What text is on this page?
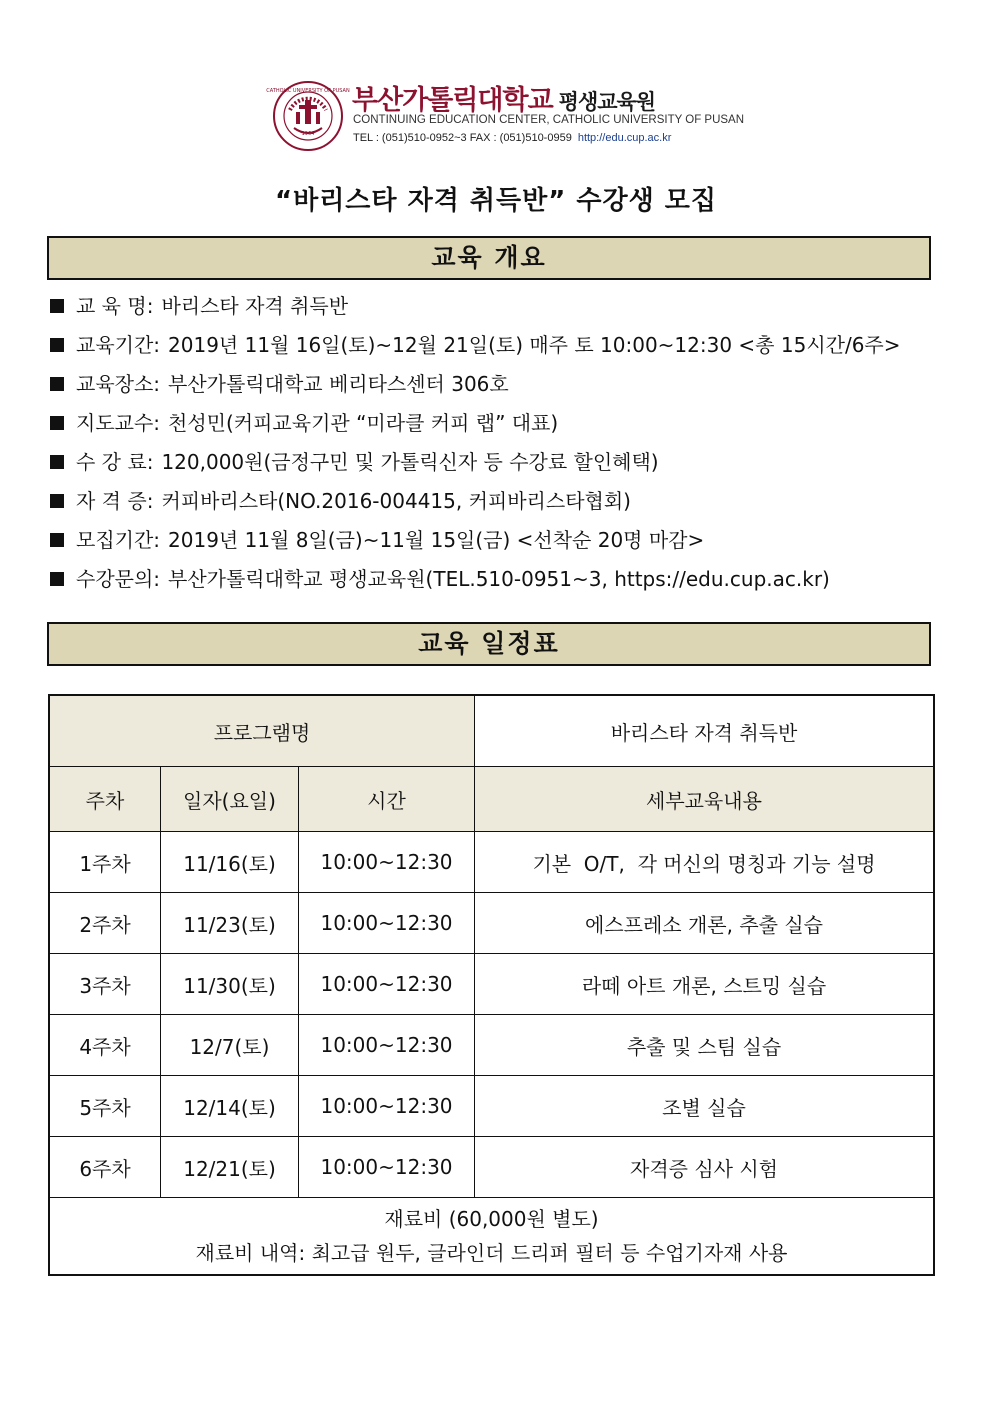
1964
CATHOLIC UNIVERSITY OF PUSAN 부산가톨릭대학교 평생교육원
CONTINUING EDUCATION CENTER, CATHOLIC UNIVERSITY OF PUSAN
TEL : (051)510-0952~3 FAX : (051)510-0959 http://edu.cup.ac.kr
“바리스타 자격 취득반” 수강생 모집
교육 개요
교 육 명: 바리스타 자격 취득반
교육기간: 2019년 11월 16일(토)~12월 21일(토) 매주 토 10:00~12:30 <총 15시간/6주>
교육장소: 부산가톨릭대학교 베리타스센터 306호
지도교수: 천성민(커피교육기관 “미라클 커피 랩” 대표)
수 강 료: 120,000원(금정구민 및 가톨릭신자 등 수강료 할인혜택)
자 격 증: 커피바리스타(NO.2016-004415, 커피바리스타협회)
모집기간: 2019년 11월 8일(금)~11월 15일(금) <선착순 20명 마감>
수강문의: 부산가톨릭대학교 평생교육원(TEL.510-0951~3, https://edu.cup.ac.kr)
교육 일정표
프로그램명			바리스타 자격 취득반
주차	일자(요일)	시간	세부교육내용
1주차	11/16(토)	10:00~12:30	기본  O/T,  각 머신의 명칭과 기능 설명
2주차	11/23(토)	10:00~12:30	에스프레소 개론, 추출 실습
3주차	11/30(토)	10:00~12:30	라떼 아트 개론, 스트밍 실습
4주차	12/7(토)	10:00~12:30	추출 및 스팀 실습
5주차	12/14(토)	10:00~12:30	조별 실습
6주차	12/21(토)	10:00~12:30	자격증 심사 시험

재료비 (60,000원 별도)
재료비 내역: 최고급 원두, 글라인더 드리퍼 필터 등 수업기자재 사용			
